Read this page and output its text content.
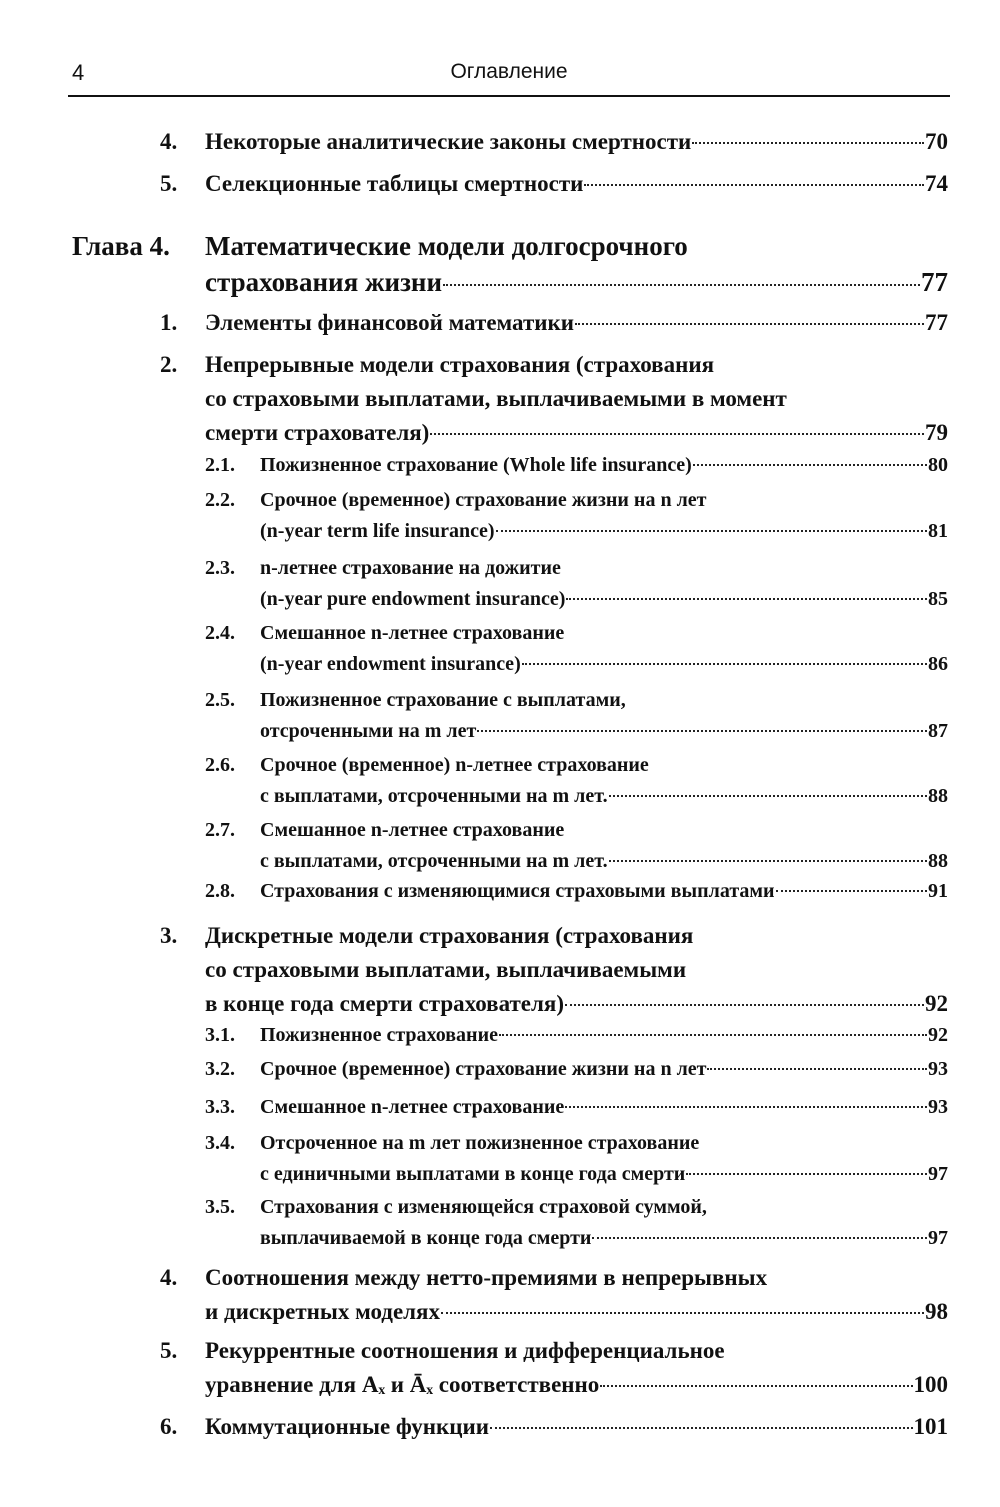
4	Оглавление
4. Некоторые аналитические законы смертности	70
5. Селекционные таблицы смертности	74
Глава 4. Математические модели долгосрочного
страхования жизни	77
1. Элементы финансовой математики	77
2. Непрерывные модели страхования (страхования
со страховыми выплатами, выплачиваемыми в момент
смерти страхователя)	79
2.1. Пожизненное страхование (Whole life insurance)	80
2.2. Срочное (временное) страхование жизни на n лет
(n-year term life insurance)	81
2.3. n-летнее страхование на дожитие
(n-year pure endowment insurance)	85
2.4. Смешанное n-летнее страхование
(n-year endowment insurance)	86
2.5. Пожизненное страхование с выплатами,
отсроченными на m лет	87
2.6. Срочное (временное) n-летнее страхование
с выплатами, отсроченными на m лет.	88
2.7. Смешанное n-летнее страхование
с выплатами, отсроченными на m лет.	88
2.8. Страхования с изменяющимися страховыми выплатами	91
3. Дискретные модели страхования (страхования
со страховыми выплатами, выплачиваемыми
в конце года смерти страхователя)	92
3.1. Пожизненное страхование	92
3.2. Срочное (временное) страхование жизни на n лет	93
3.3. Смешанное n-летнее страхование	93
3.4. Отсроченное на m лет пожизненное страхование
с единичными выплатами в конце года смерти	97
3.5. Страхования с изменяющейся страховой суммой,
выплачиваемой в конце года смерти	97
4. Соотношения между нетто-премиями в непрерывных
и дискретных моделях	98
5. Рекуррентные соотношения и дифференциальное
уравнение для Aₓ и Āₓ соответственно	100
6. Коммутационные функции	101
